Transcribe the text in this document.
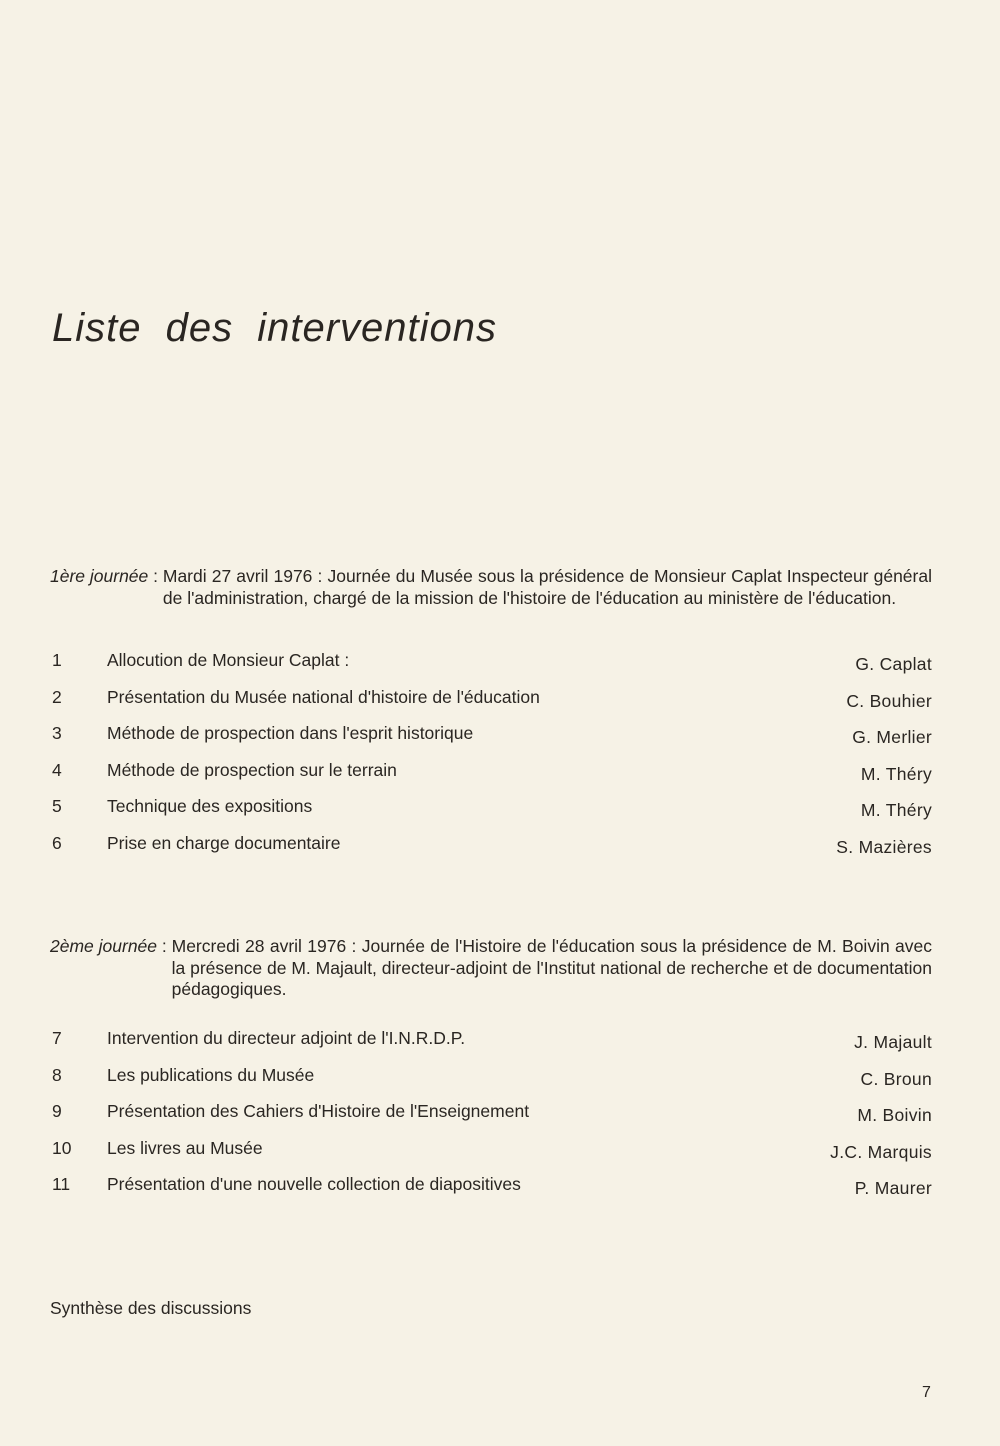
Liste des interventions
1ère journée : Mardi 27 avril 1976 : Journée du Musée sous la présidence de Monsieur Caplat Inspecteur général de l'administration, chargé de la mission de l'histoire de l'éducation au ministère de l'éducation.
1	Allocution de Monsieur Caplat :	G. Caplat
2	Présentation du Musée national d'histoire de l'éducation	C. Bouhier
3	Méthode de prospection dans l'esprit historique	G. Merlier
4	Méthode de prospection sur le terrain	M. Théry
5	Technique des expositions	M. Théry
6	Prise en charge documentaire	S. Mazières
2ème journée : Mercredi 28 avril 1976 : Journée de l'Histoire de l'éducation sous la présidence de M. Boivin avec la présence de M. Majault, directeur-adjoint de l'Institut national de recherche et de documentation pédagogiques.
7	Intervention du directeur adjoint de l'I.N.R.D.P.	J. Majault
8	Les publications du Musée	C. Broun
9	Présentation des Cahiers d'Histoire de l'Enseignement	M. Boivin
10 Les livres au Musée	J.C. Marquis
11 Présentation d'une nouvelle collection de diapositives	P. Maurer
Synthèse des discussions
7
